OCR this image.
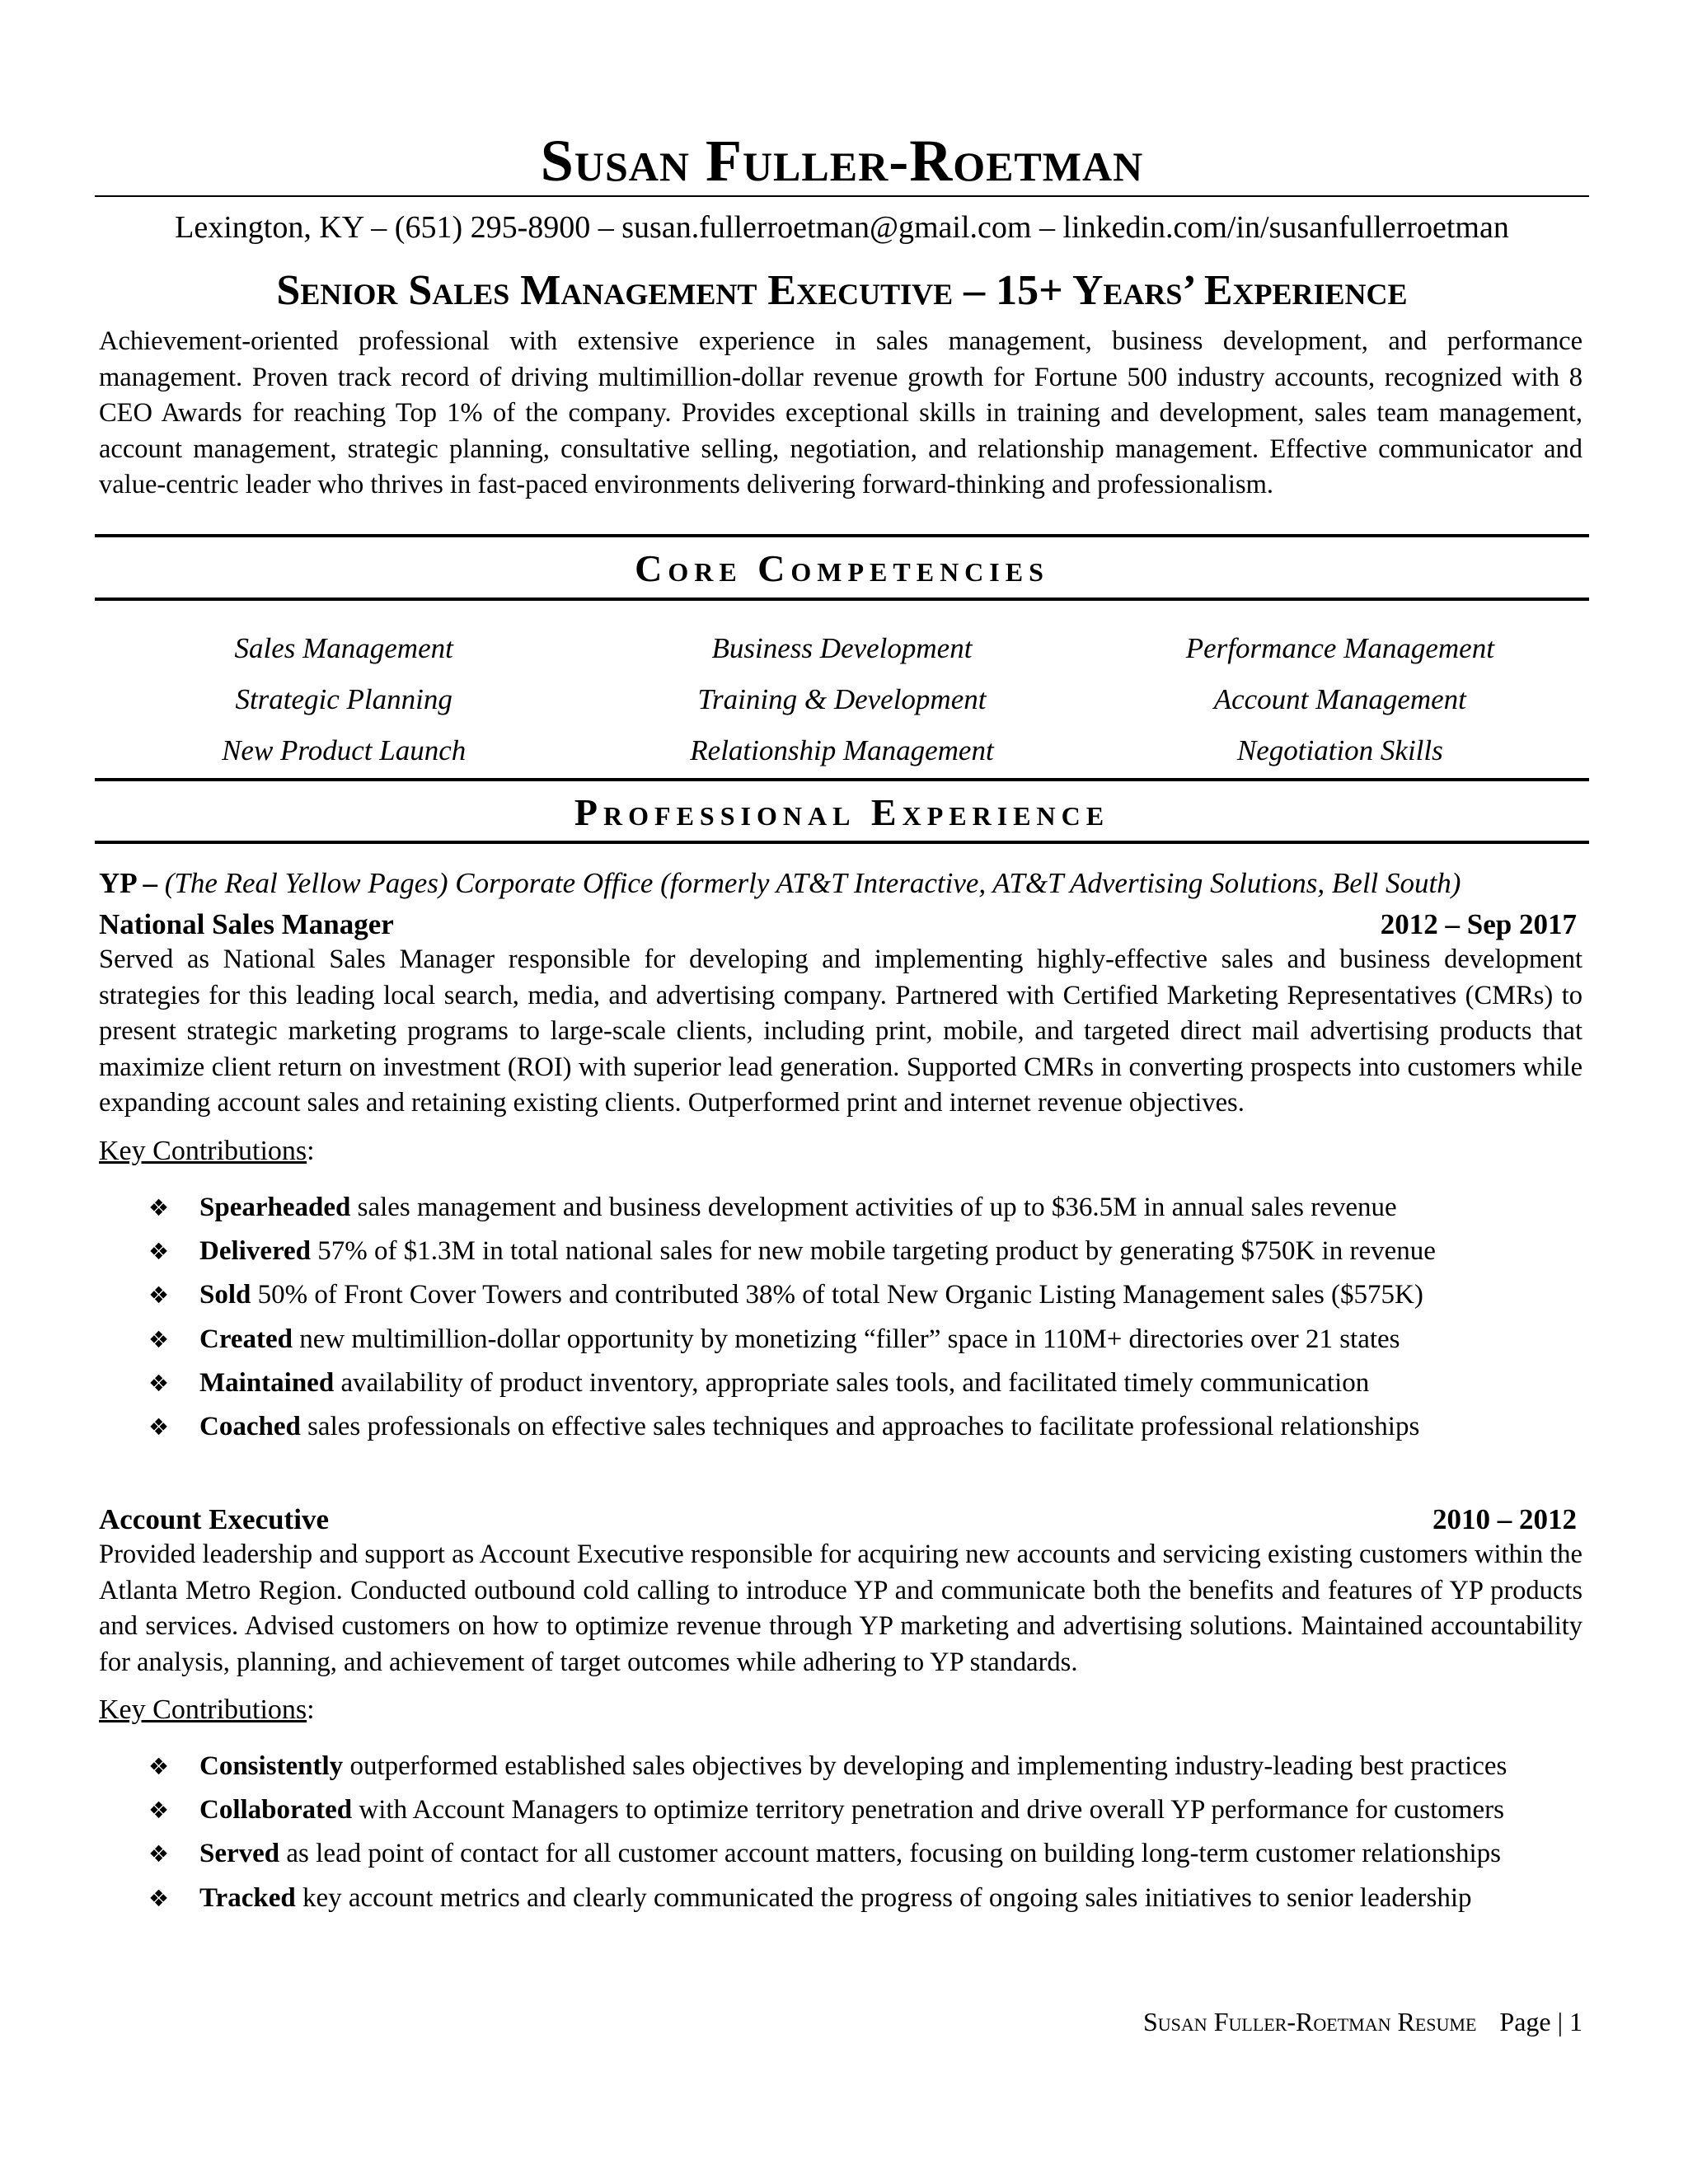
Susan Fuller-Roetman
Lexington, KY – (651) 295-8900 – susan.fullerroetman@gmail.com – linkedin.com/in/susanfullerroetman
Senior Sales Management Executive – 15+ Years’ Experience
Achievement-oriented professional with extensive experience in sales management, business development, and performance management. Proven track record of driving multimillion-dollar revenue growth for Fortune 500 industry accounts, recognized with 8 CEO Awards for reaching Top 1% of the company. Provides exceptional skills in training and development, sales team management, account management, strategic planning, consultative selling, negotiation, and relationship management. Effective communicator and value-centric leader who thrives in fast-paced environments delivering forward-thinking and professionalism.
Core Competencies
Sales Management	Business Development	Performance Management
Strategic Planning	Training & Development	Account Management
New Product Launch	Relationship Management	Negotiation Skills
Professional Experience
YP – (The Real Yellow Pages) Corporate Office (formerly AT&T Interactive, AT&T Advertising Solutions, Bell South)
National Sales Manager	2012 – Sep 2017
Served as National Sales Manager responsible for developing and implementing highly-effective sales and business development strategies for this leading local search, media, and advertising company. Partnered with Certified Marketing Representatives (CMRs) to present strategic marketing programs to large-scale clients, including print, mobile, and targeted direct mail advertising products that maximize client return on investment (ROI) with superior lead generation. Supported CMRs in converting prospects into customers while expanding account sales and retaining existing clients. Outperformed print and internet revenue objectives.
Key Contributions:
❖	Spearheaded sales management and business development activities of up to $36.5M in annual sales revenue
❖	Delivered 57% of $1.3M in total national sales for new mobile targeting product by generating $750K in revenue
❖	Sold 50% of Front Cover Towers and contributed 38% of total New Organic Listing Management sales ($575K)
❖	Created new multimillion-dollar opportunity by monetizing “filler” space in 110M+ directories over 21 states
❖	Maintained availability of product inventory, appropriate sales tools, and facilitated timely communication
❖	Coached sales professionals on effective sales techniques and approaches to facilitate professional relationships
Account Executive	2010 – 2012
Provided leadership and support as Account Executive responsible for acquiring new accounts and servicing existing customers within the Atlanta Metro Region. Conducted outbound cold calling to introduce YP and communicate both the benefits and features of YP products and services. Advised customers on how to optimize revenue through YP marketing and advertising solutions. Maintained accountability for analysis, planning, and achievement of target outcomes while adhering to YP standards.
Key Contributions:
❖	Consistently outperformed established sales objectives by developing and implementing industry-leading best practices
❖	Collaborated with Account Managers to optimize territory penetration and drive overall YP performance for customers
❖	Served as lead point of contact for all customer account matters, focusing on building long-term customer relationships
❖	Tracked key account metrics and clearly communicated the progress of ongoing sales initiatives to senior leadership
Susan Fuller-Roetman Resume Page | 1
